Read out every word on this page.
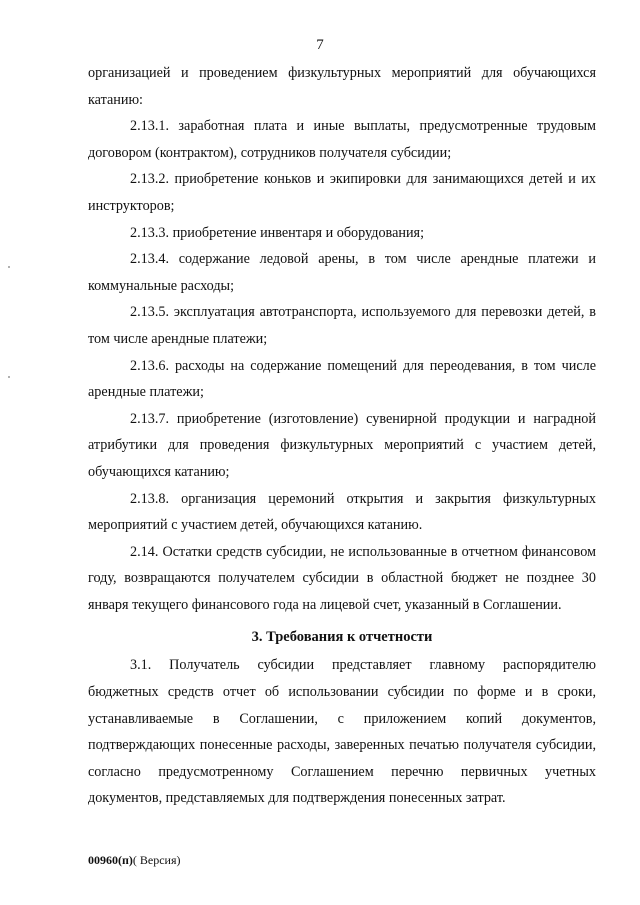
7

организацией и проведением физкультурных мероприятий для обучающихся катанию:

2.13.1. заработная плата и иные выплаты, предусмотренные трудовым договором (контрактом), сотрудников получателя субсидии;

2.13.2. приобретение коньков и экипировки для занимающихся детей и их инструкторов;

2.13.3. приобретение инвентаря и оборудования;

2.13.4. содержание ледовой арены, в том числе арендные платежи и коммунальные расходы;

2.13.5. эксплуатация автотранспорта, используемого для перевозки детей, в том числе арендные платежи;

2.13.6. расходы на содержание помещений для переодевания, в том числе арендные платежи;

2.13.7. приобретение (изготовление) сувенирной продукции и наградной атрибутики для проведения физкультурных мероприятий с участием детей, обучающихся катанию;

2.13.8. организация церемоний открытия и закрытия физкультурных мероприятий с участием детей, обучающихся катанию.

2.14. Остатки средств субсидии, не использованные в отчетном финансовом году, возвращаются получателем субсидии в областной бюджет не позднее 30 января текущего финансового года на лицевой счет, указанный в Соглашении.

3. Требования к отчетности

3.1. Получатель субсидии представляет главному распорядителю бюджетных средств отчет об использовании субсидии по форме и в сроки, устанавливаемые в Соглашении, с приложением копий документов, подтверждающих понесенные расходы, заверенных печатью получателя субсидии, согласно предусмотренному Соглашением перечню первичных учетных документов, представляемых для подтверждения понесенных затрат.

00960(п)( Версия)
